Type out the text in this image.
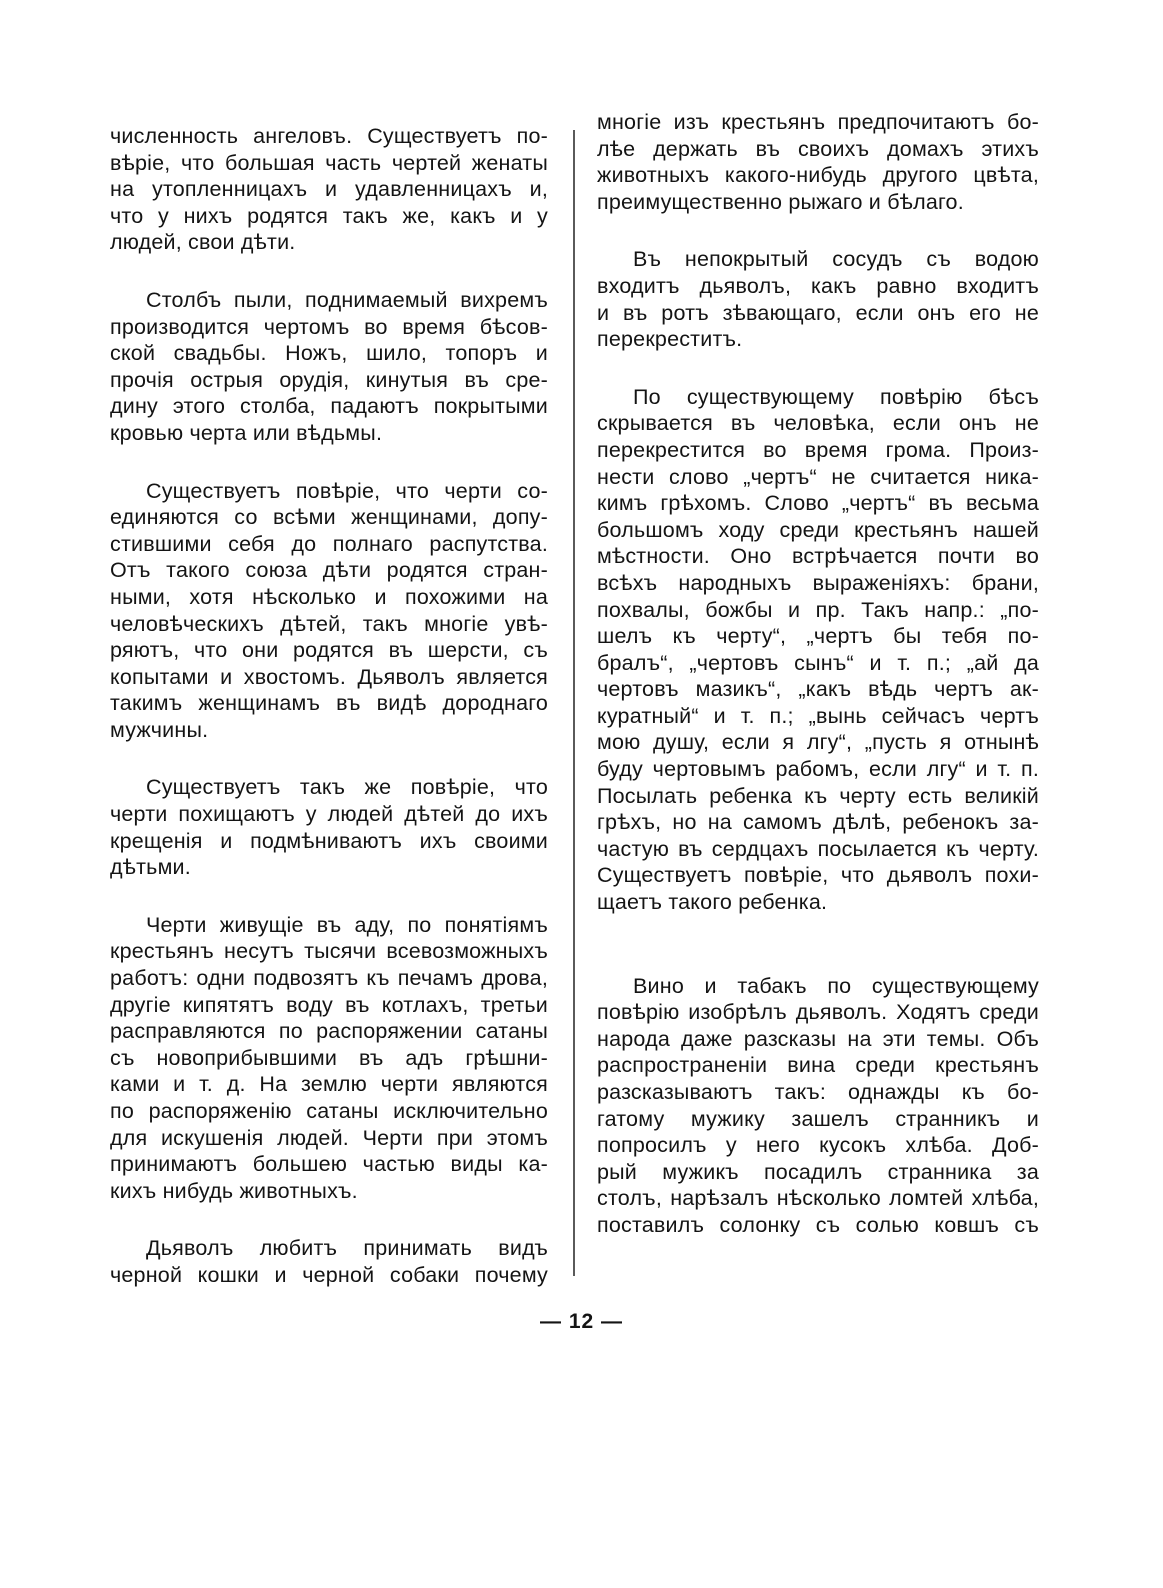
численность ангеловъ. Существуетъ по-
вѣріе, что большая часть чертей женаты
на утопленницахъ и удавленницахъ и,
что у нихъ родятся такъ же, какъ и у
людей, свои дѣти.

Столбъ пыли, поднимаемый вихремъ
производится чертомъ во время бѣсов-
ской свадьбы. Ножъ, шило, топоръ и
прочія острыя орудія, кинутыя въ сре-
дину этого столба, падаютъ покрытыми
кровью черта или вѣдьмы.

Существуетъ повѣріе, что черти со-
единяются со всѣми женщинами, допу-
стившими себя до полнаго распутства.
Отъ такого союза дѣти родятся стран-
ными, хотя нѣсколько и похожими на
человѣческихъ дѣтей, такъ многіе увѣ-
ряютъ, что они родятся въ шерсти, съ
копытами и хвостомъ. Дьяволъ является
такимъ женщинамъ въ видѣ дороднаго
мужчины.

Существуетъ такъ же повѣріе, что
черти похищаютъ у людей дѣтей до ихъ
крещенія и подмѣниваютъ ихъ своими
дѣтьми.

Черти живущіе въ аду, по понятіямъ
крестьянъ несутъ тысячи всевозможныхъ
работъ: одни подвозятъ къ печамъ дрова,
другіе кипятятъ воду въ котлахъ, третьи
расправляются по распоряжении сатаны
съ новоприбывшими въ адъ грѣшни-
ками и т. д. На землю черти являются
по распоряженію сатаны исключительно
для искушенія людей. Черти при этомъ
принимаютъ большею частью виды ка-
кихъ нибудь животныхъ.

Дьяволъ любитъ принимать видъ
черной кошки и черной собаки почему

многіе изъ крестьянъ предпочитаютъ бо-
лѣе держать въ своихъ домахъ этихъ
животныхъ какого-нибудь другого цвѣта,
преимущественно рыжаго и бѣлаго.

Въ непокрытый сосудъ съ водою
входитъ дьяволъ, какъ равно входитъ
и въ ротъ зѣвающаго, если онъ его не
перекреститъ.

По существующему повѣрію бѣсъ
скрывается въ человѣка, если онъ не
перекрестится во время грома. Произ-
нести слово „чертъ“ не считается ника-
кимъ грѣхомъ. Слово „чертъ“ въ весьма
большомъ ходу среди крестьянъ нашей
мѣстности. Оно встрѣчается почти во
всѣхъ народныхъ выраженіяхъ: брани,
похвалы, божбы и пр. Такъ напр.: „по-
шелъ къ черту“, „чертъ бы тебя по-
бралъ“, „чертовъ сынъ“ и т. п.; „ай да
чертовъ мазикъ“, „какъ вѣдь чертъ ак-
куратный“ и т. п.; „вынь сейчасъ чертъ
мою душу, если я лгу“, „пусть я отнынѣ
буду чертовымъ рабомъ, если лгу“ и т. п.
Посылать ребенка къ черту есть великій
грѣхъ, но на самомъ дѣлѣ, ребенокъ за-
частую въ сердцахъ посылается къ черту.
Существуетъ повѣріе, что дьяволъ похи-
щаетъ такого ребенка.

Вино и табакъ по существующему
повѣрію изобрѣлъ дьяволъ. Ходятъ среди
народа даже разсказы на эти темы. Объ
распространеніи вина среди крестьянъ
разсказываютъ такъ: однажды къ бо-
гатому мужику зашелъ странникъ и
попросилъ у него кусокъ хлѣба. Доб-
рый мужикъ посадилъ странника за
столъ, нарѣзалъ нѣсколько ломтей хлѣба,
поставилъ солонку съ солью ковшъ съ

— 12 —
